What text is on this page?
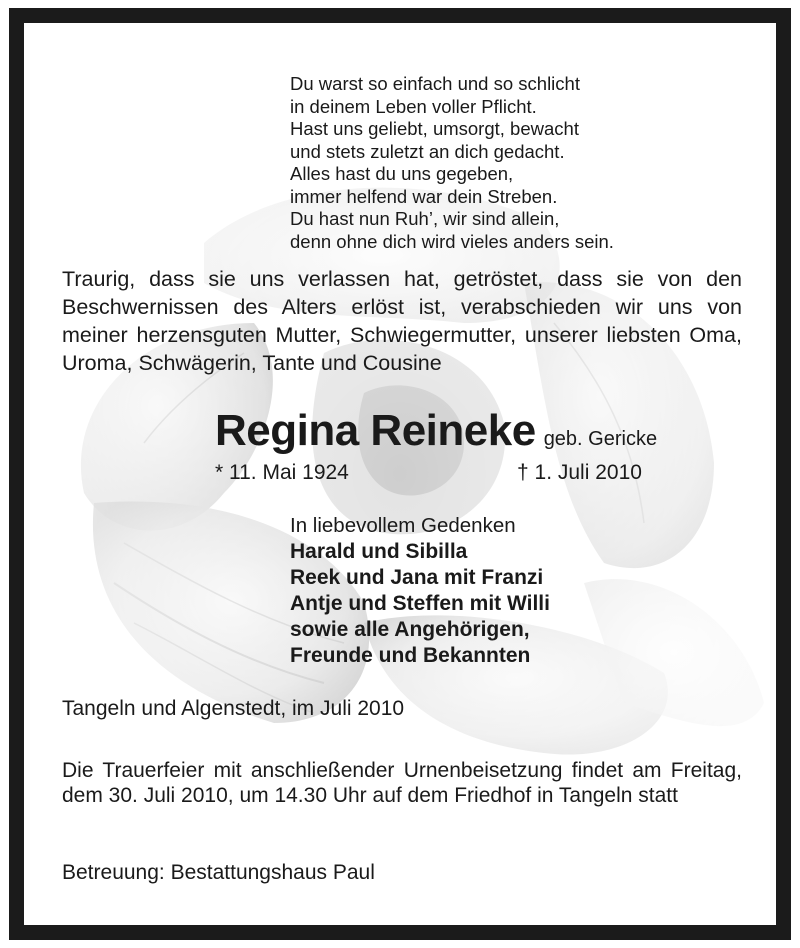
Du warst so einfach und so schlicht
in deinem Leben voller Pflicht.
Hast uns geliebt, umsorgt, bewacht
und stets zuletzt an dich gedacht.
Alles hast du uns gegeben,
immer helfend war dein Streben.
Du hast nun Ruh’, wir sind allein,
denn ohne dich wird vieles anders sein.

Traurig, dass sie uns verlassen hat, getröstet, dass sie von den Beschwernissen des Alters erlöst ist, verabschieden wir uns von meiner herzensguten Mutter, Schwiegermutter, unserer liebsten Oma, Uroma, Schwägerin, Tante und Cousine

Regina Reineke geb. Gericke
* 11. Mai 1924	† 1. Juli 2010
In liebevollem Gedenken
Harald und Sibilla
Reek und Jana mit Franzi
Antje und Steffen mit Willi
sowie alle Angehörigen,
Freunde und Bekannten
Tangeln und Algenstedt, im Juli 2010

Die Trauerfeier mit anschließender Urnenbeisetzung findet am Freitag, dem 30. Juli 2010, um 14.30 Uhr auf dem Friedhof in Tangeln statt

Betreuung: Bestattungshaus Paul
